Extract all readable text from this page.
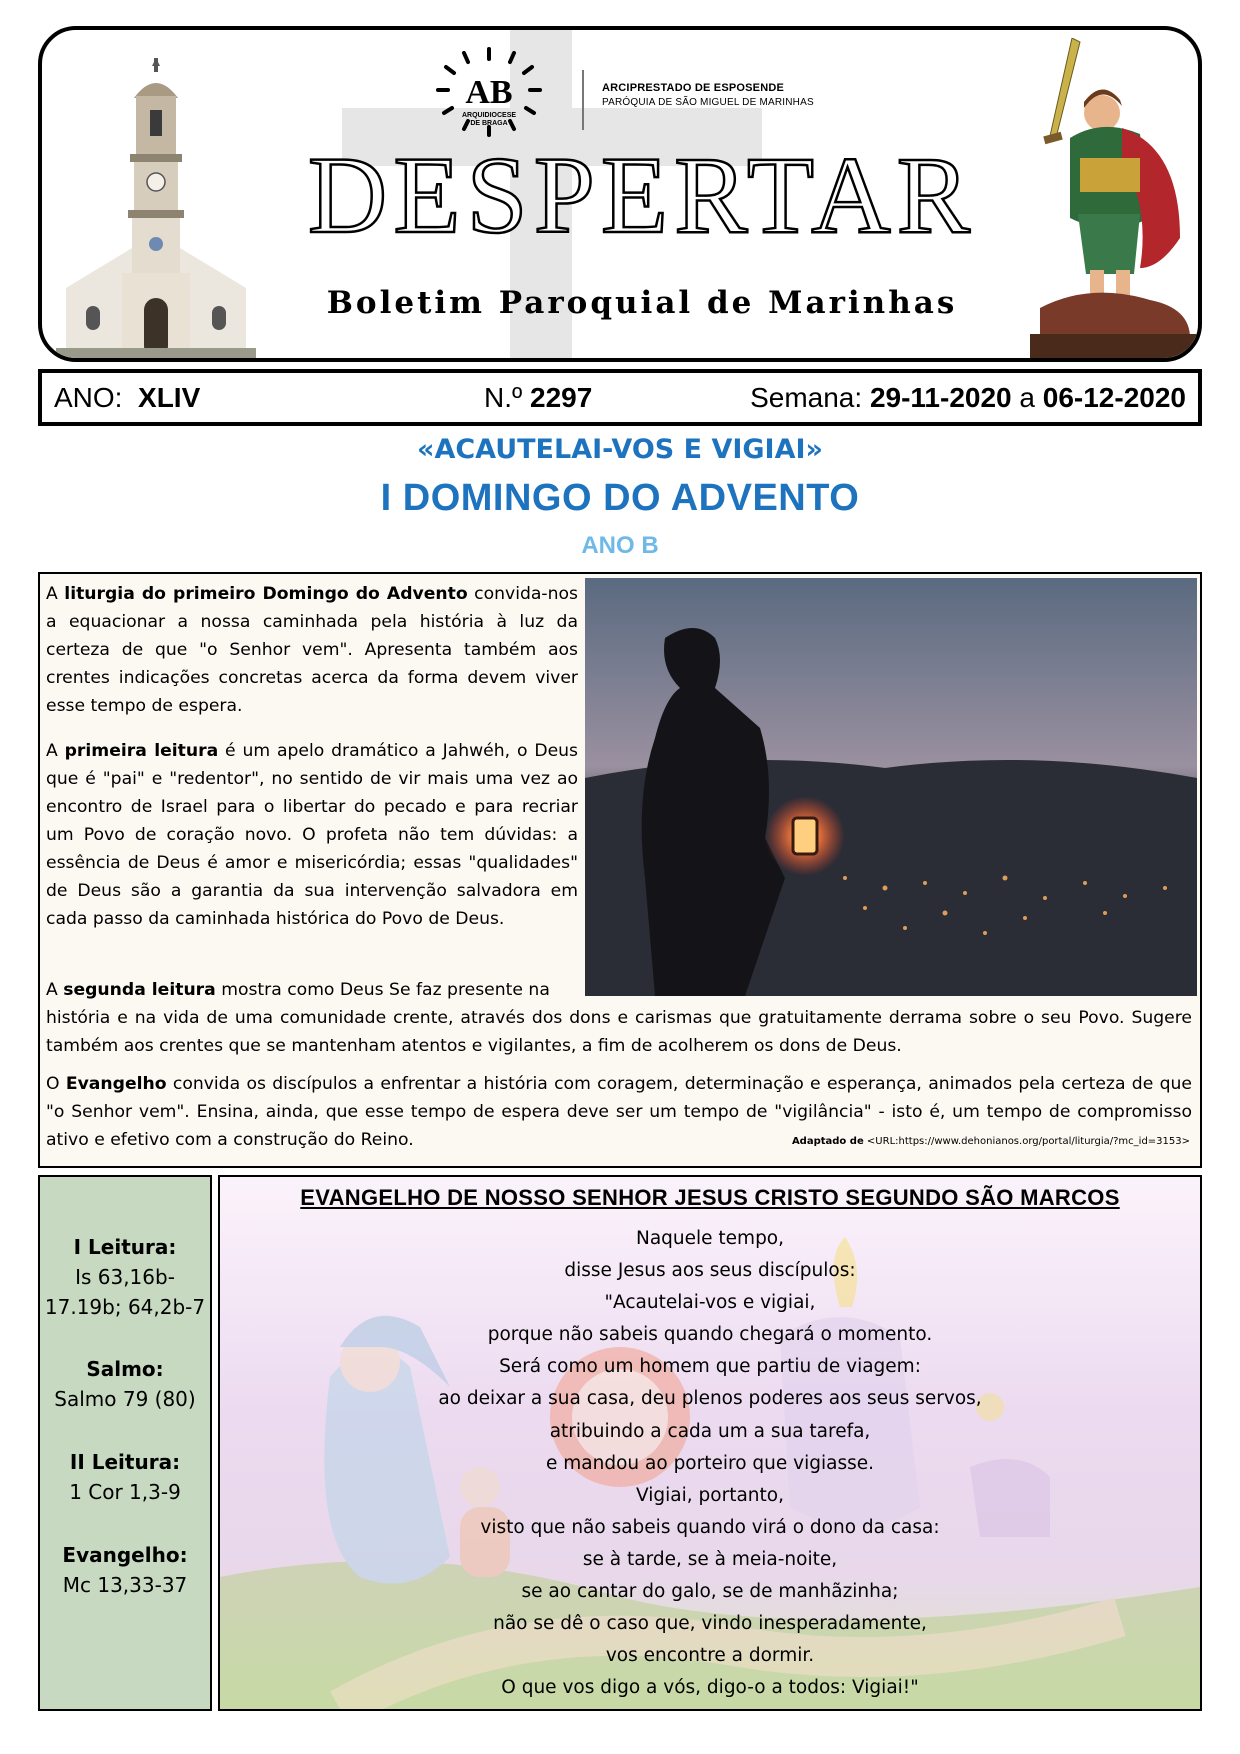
AB
ARQUIDIOCESE
DE BRAGA
ARCIPRESTADO DE ESPOSENDE
PARÓQUIA DE SÃO MIGUEL DE MARINHAS
DESPERTAR
Boletim Paroquial de Marinhas
ANO: XLIV	N.º 2297	Semana: 29-11-2020 a 06-12-2020
«ACAUTELAI-VOS E VIGIAI»
I DOMINGO DO ADVENTO
ANO B
A liturgia do primeiro Domingo do Advento convida-nos a equacionar a nossa caminhada pela história à luz da certeza de que "o Senhor vem". Apresenta também aos crentes indicações concretas acerca da forma devem viver esse tempo de espera.
A primeira leitura é um apelo dramático a Jahwéh, o Deus que é "pai" e "redentor", no sentido de vir mais uma vez ao encontro de Israel para o libertar do pecado e para recriar um Povo de coração novo. O profeta não tem dúvidas: a essência de Deus é amor e misericórdia; essas "qualidades" de Deus são a garantia da sua intervenção salvadora em cada passo da caminhada histórica do Povo de Deus.
A segunda leitura mostra como Deus Se faz presente na
história e na vida de uma comunidade crente, através dos dons e carismas que gratuitamente derrama sobre o seu Povo. Sugere também aos crentes que se mantenham atentos e vigilantes, a fim de acolherem os dons de Deus.
O Evangelho convida os discípulos a enfrentar a história com coragem, determinação e esperança, animados pela certeza de que "o Senhor vem". Ensina, ainda, que esse tempo de espera deve ser um tempo de "vigilância" - isto é, um tempo de compromisso ativo e efetivo com a construção do Reino.	Adaptado de <URL:https://www.dehonianos.org/portal/liturgia/?mc_id=3153>
I Leitura:
Is 63,16b-
17.19b; 64,2b-7
Salmo:
Salmo 79 (80)
II Leitura:
1 Cor 1,3-9
Evangelho:
Mc 13,33-37
EVANGELHO DE NOSSO SENHOR JESUS CRISTO SEGUNDO SÃO MARCOS
Naquele tempo,
disse Jesus aos seus discípulos:
"Acautelai-vos e vigiai,
porque não sabeis quando chegará o momento.
Será como um homem que partiu de viagem:
ao deixar a sua casa, deu plenos poderes aos seus servos,
atribuindo a cada um a sua tarefa,
e mandou ao porteiro que vigiasse.
Vigiai, portanto,
visto que não sabeis quando virá o dono da casa:
se à tarde, se à meia-noite,
se ao cantar do galo, se de manhãzinha;
não se dê o caso que, vindo inesperadamente,
vos encontre a dormir.
O que vos digo a vós, digo-o a todos: Vigiai!"
